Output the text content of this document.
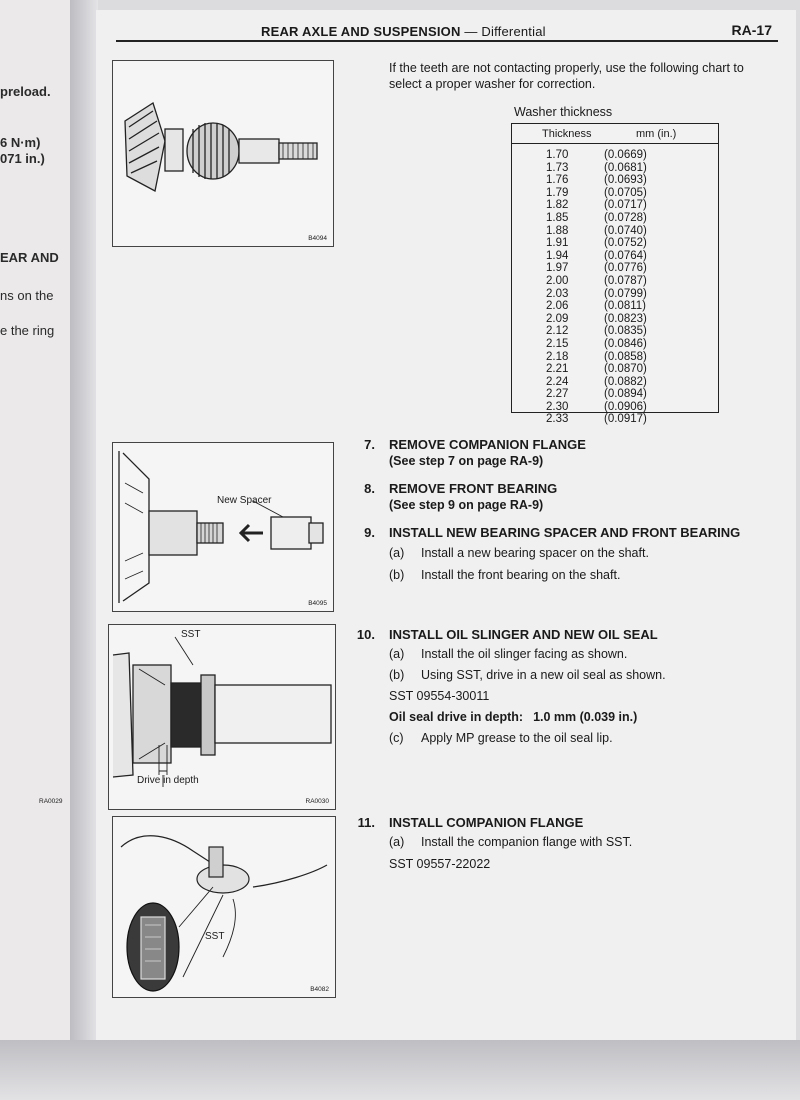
preload.
6 N·m)
071 in.)
EAR AND
ns on the
e the ring
REAR AXLE AND SUSPENSION — Differential	RA-17
B4094
If the teeth are not contacting properly, use the following chart to select a proper washer for correction.
Washer thickness
Thickness	mm (in.)
1.70	(0.0669)
1.73	(0.0681)
1.76	(0.0693)
1.79	(0.0705)
1.82	(0.0717)
1.85	(0.0728)
1.88	(0.0740)
1.91	(0.0752)
1.94	(0.0764)
1.97	(0.0776)
2.00	(0.0787)
2.03	(0.0799)
2.06	(0.0811)
2.09	(0.0823)
2.12	(0.0835)
2.15	(0.0846)
2.18	(0.0858)
2.21	(0.0870)
2.24	(0.0882)
2.27	(0.0894)
2.30	(0.0906)
2.33	(0.0917)
New Spacer
B4095
SST
Drive in depth
RA0029	RA0030
SST
B4082
7. REMOVE COMPANION FLANGE
(See step 7 on page RA-9)
8. REMOVE FRONT BEARING
(See step 9 on page RA-9)
9. INSTALL NEW BEARING SPACER AND FRONT BEARING
(a) Install a new bearing spacer on the shaft.
(b) Install the front bearing on the shaft.
10. INSTALL OIL SLINGER AND NEW OIL SEAL
(a) Install the oil slinger facing as shown.
(b) Using SST, drive in a new oil seal as shown.
SST 09554-30011
Oil seal drive in depth: 1.0 mm (0.039 in.)
(c) Apply MP grease to the oil seal lip.
11. INSTALL COMPANION FLANGE
(a) Install the companion flange with SST.
SST 09557-22022
